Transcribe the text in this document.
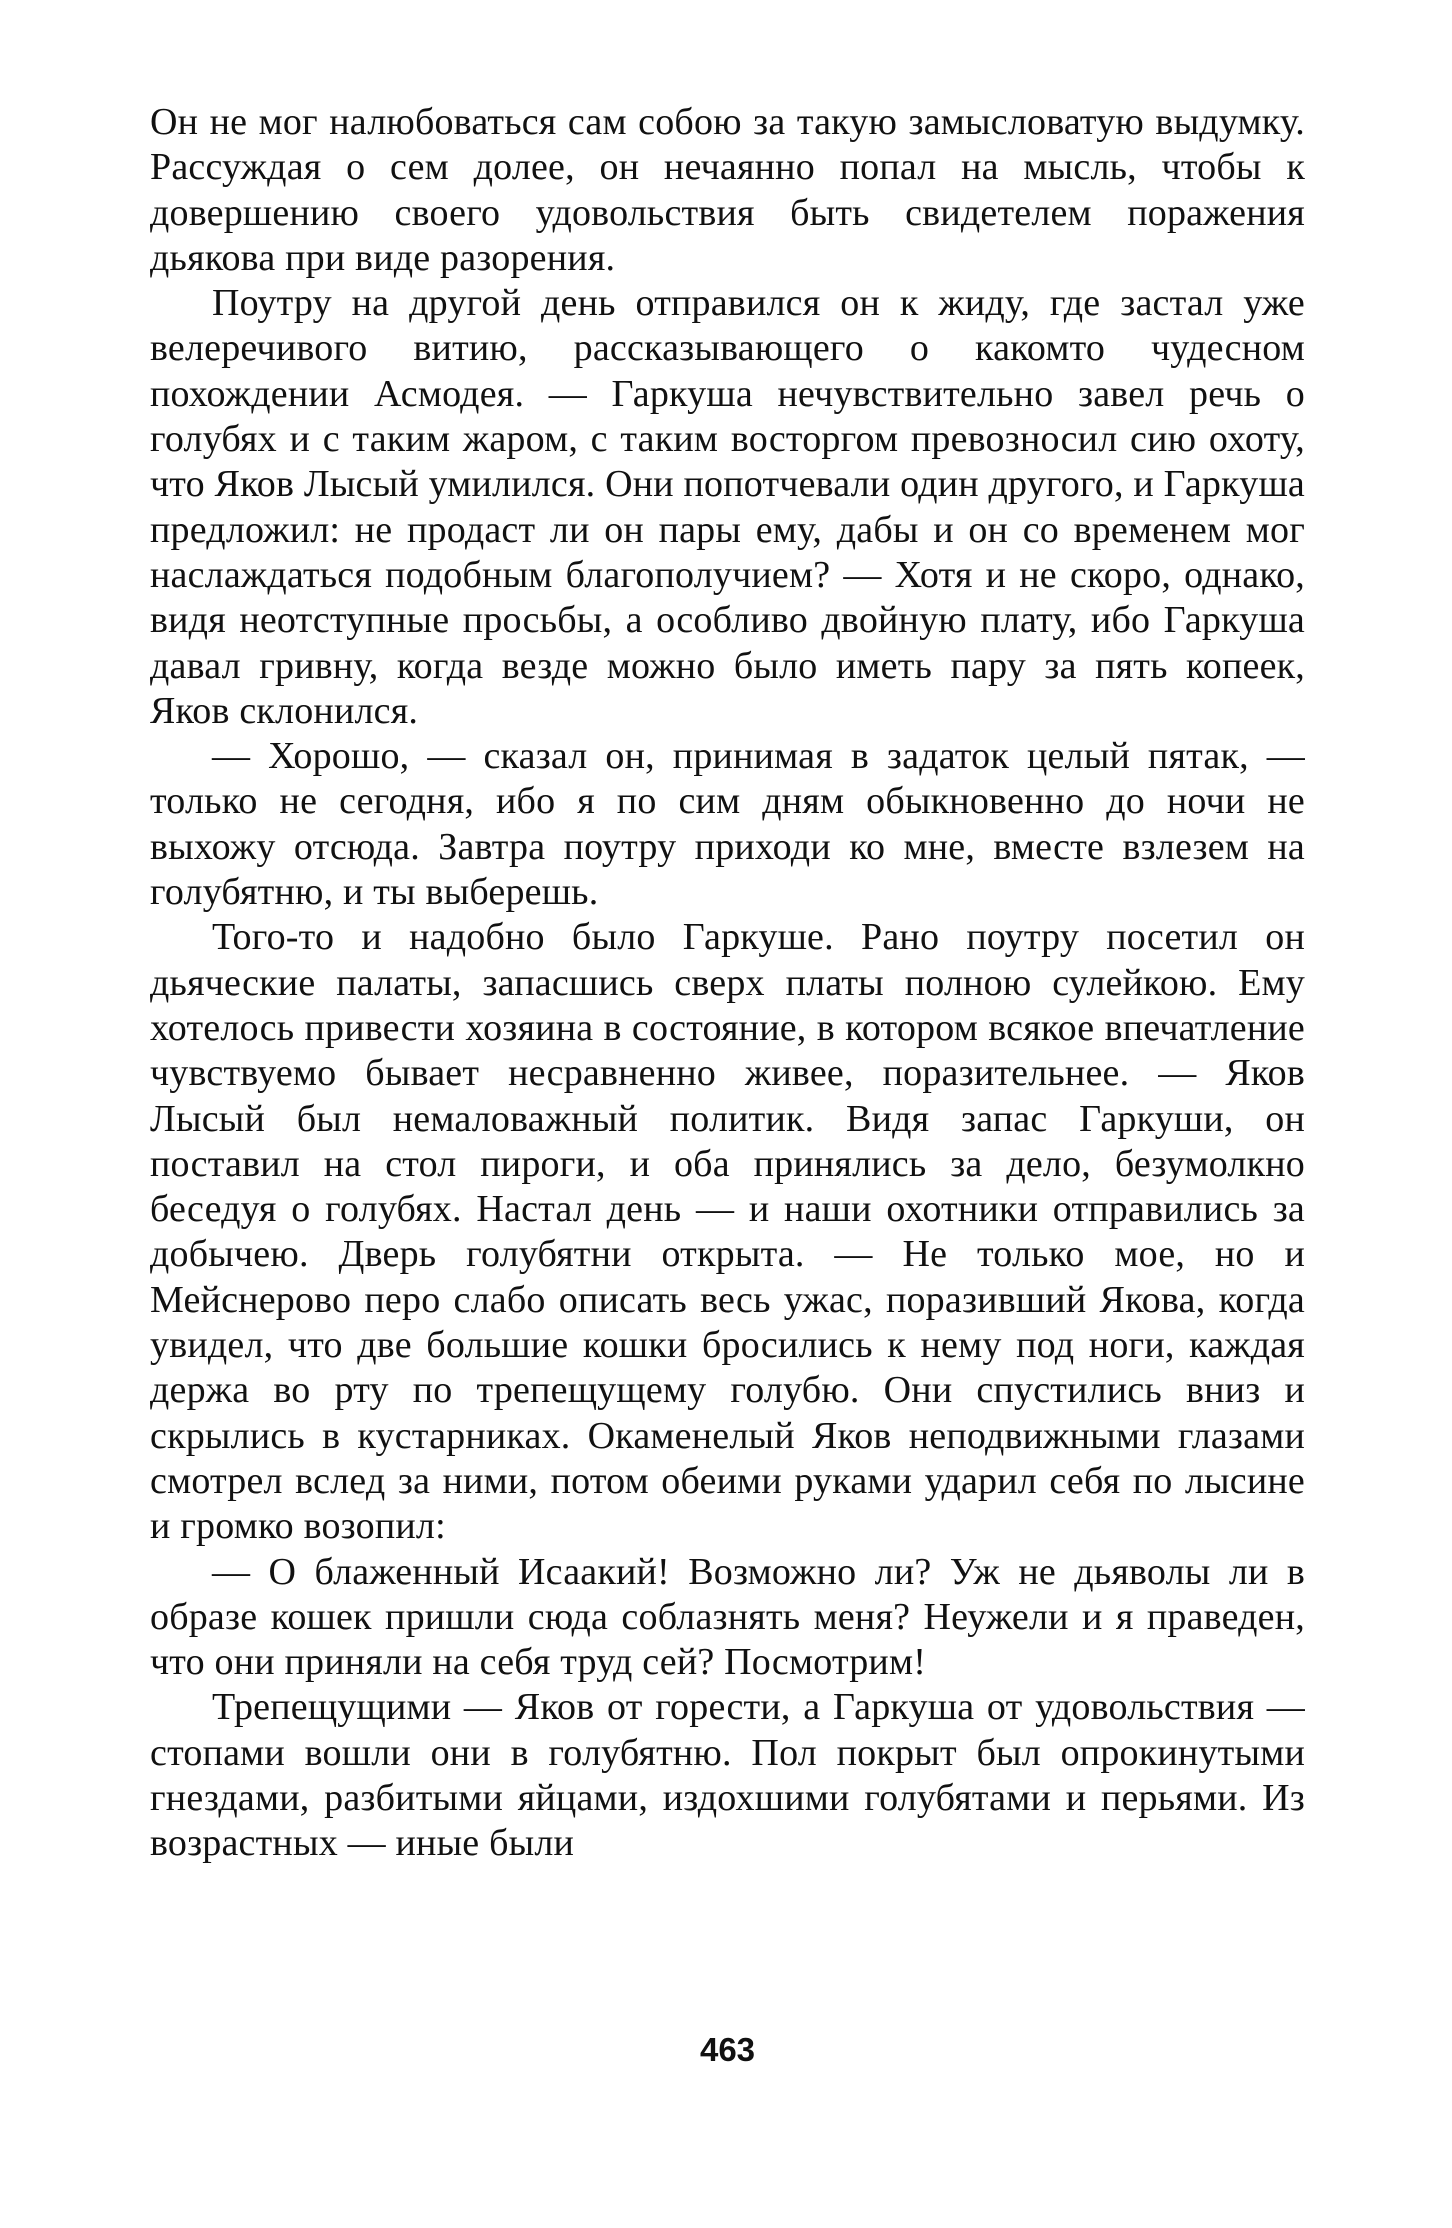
Он не мог налюбоваться сам собою за такую замысловатую выдумку. Рассуждая о сем долее, он нечаянно попал на мысль, чтобы к довершению своего удовольствия быть свидетелем поражения дьякова при виде разорения.

Поутру на другой день отправился он к жиду, где застал уже велеречивого витию, рассказывающего о какомто чудесном похождении Асмодея. — Гаркуша нечувствительно завел речь о голубях и с таким жаром, с таким восторгом превозносил сию охоту, что Яков Лысый умилился. Они попотчевали один другого, и Гаркуша предложил: не продаст ли он пары ему, дабы и он со временем мог наслаждаться подобным благополучием? — Хотя и не скоро, однако, видя неотступные просьбы, а особливо двойную плату, ибо Гаркуша давал гривну, когда везде можно было иметь пару за пять копеек, Яков склонился.

— Хорошо, — сказал он, принимая в задаток целый пятак, — только не сегодня, ибо я по сим дням обыкновенно до ночи не выхожу отсюда. Завтра поутру приходи ко мне, вместе взлезем на голубятню, и ты выберешь.

Того-то и надобно было Гаркуше. Рано поутру посетил он дьяческие палаты, запасшись сверх платы полною сулейкою. Ему хотелось привести хозяина в состояние, в котором всякое впечатление чувствуемо бывает несравненно живее, поразительнее. — Яков Лысый был немаловажный политик. Видя запас Гаркуши, он поставил на стол пироги, и оба принялись за дело, безумолкно беседуя о голубях. Настал день — и наши охотники отправились за добычею. Дверь голубятни открыта. — Не только мое, но и Мейснерово перо слабо описать весь ужас, поразивший Якова, когда увидел, что две большие кошки бросились к нему под ноги, каждая держа во рту по трепещущему голубю. Они спустились вниз и скрылись в кустарниках. Окаменелый Яков неподвижными глазами смотрел вслед за ними, потом обеими руками ударил себя по лысине и громко возопил:

— О блаженный Исаакий! Возможно ли? Уж не дьяволы ли в образе кошек пришли сюда соблазнять меня? Неужели и я праведен, что они приняли на себя труд сей? Посмотрим!

Трепещущими — Яков от горести, а Гаркуша от удовольствия — стопами вошли они в голубятню. Пол покрыт был опрокинутыми гнездами, разбитыми яйцами, издохшими голубятами и перьями. Из возрастных — иные были

463
